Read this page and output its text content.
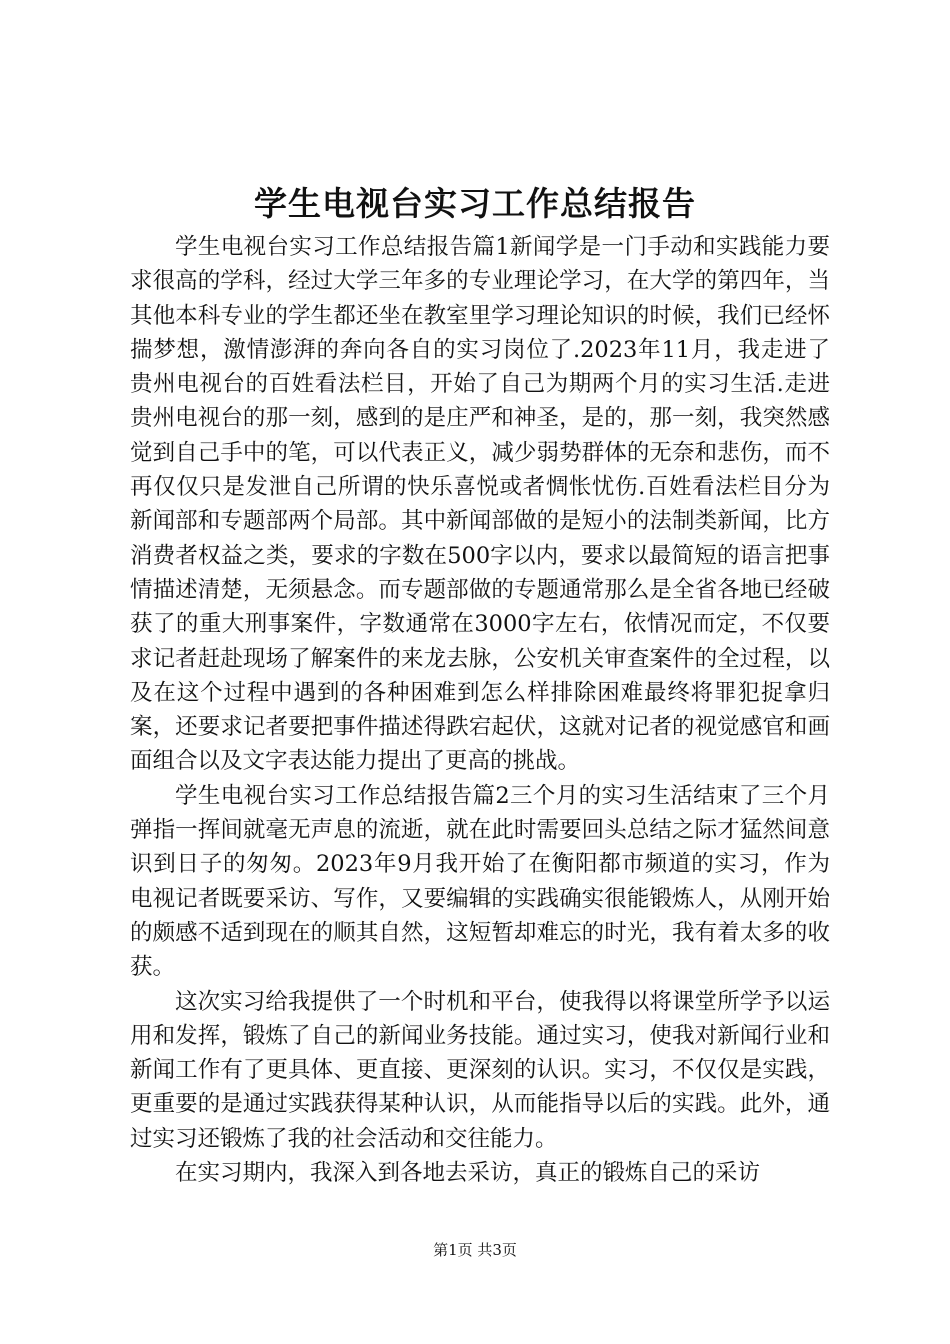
学生电视台实习工作总结报告

学生电视台实习工作总结报告篇1新闻学是一门手动和实践能力要求很高的学科，经过大学三年多的专业理论学习，在大学的第四年，当其他本科专业的学生都还坐在教室里学习理论知识的时候，我们已经怀揣梦想，激情澎湃的奔向各自的实习岗位了.2023年11月，我走进了贵州电视台的百姓看法栏目，开始了自己为期两个月的实习生活.走进贵州电视台的那一刻，感到的是庄严和神圣，是的，那一刻，我突然感觉到自己手中的笔，可以代表正义，减少弱势群体的无奈和悲伤，而不再仅仅只是发泄自己所谓的快乐喜悦或者惆怅忧伤.百姓看法栏目分为新闻部和专题部两个局部。其中新闻部做的是短小的法制类新闻，比方消费者权益之类，要求的字数在500字以内，要求以最简短的语言把事情描述清楚，无须悬念。而专题部做的专题通常那么是全省各地已经破获了的重大刑事案件，字数通常在3000字左右，依情况而定，不仅要求记者赶赴现场了解案件的来龙去脉，公安机关审查案件的全过程，以及在这个过程中遇到的各种困难到怎么样排除困难最终将罪犯捉拿归案，还要求记者要把事件描述得跌宕起伏，这就对记者的视觉感官和画面组合以及文字表达能力提出了更高的挑战。

学生电视台实习工作总结报告篇2三个月的实习生活结束了三个月弹指一挥间就毫无声息的流逝，就在此时需要回头总结之际才猛然间意识到日子的匆匆。2023年9月我开始了在衡阳都市频道的实习，作为电视记者既要采访、写作，又要编辑的实践确实很能锻炼人，从刚开始的颇感不适到现在的顺其自然，这短暂却难忘的时光，我有着太多的收获。

这次实习给我提供了一个时机和平台，使我得以将课堂所学予以运用和发挥，锻炼了自己的新闻业务技能。通过实习，使我对新闻行业和新闻工作有了更具体、更直接、更深刻的认识。实习，不仅仅是实践，更重要的是通过实践获得某种认识，从而能指导以后的实践。此外，通过实习还锻炼了我的社会活动和交往能力。

在实习期内，我深入到各地去采访，真正的锻炼自己的采访

第1页 共3页
